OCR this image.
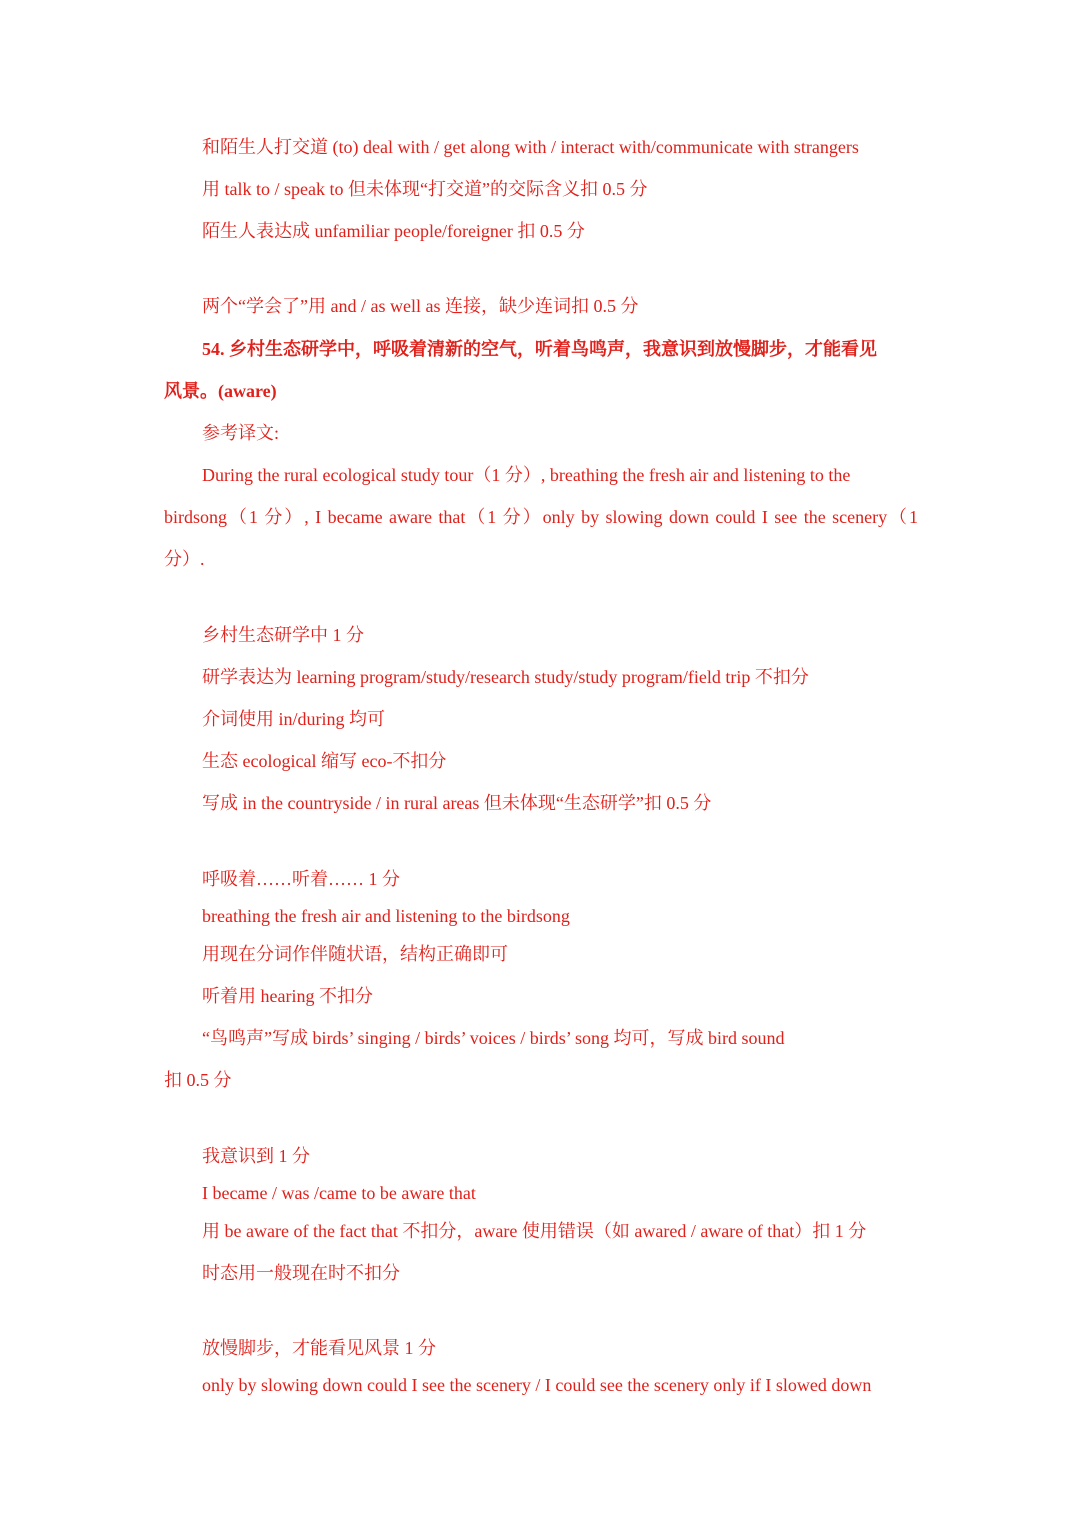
和陌生人打交道 (to) deal with / get along with / interact with/communicate with strangers
用 talk to / speak to 但未体现“打交道”的交际含义扣 0.5 分
陌生人表达成 unfamiliar people/foreigner 扣 0.5 分
两个“学会了”用 and / as well as 连接，缺少连词扣 0.5 分
54. 乡村生态研学中，呼吸着清新的空气，听着鸟鸣声，我意识到放慢脚步，才能看见
风景。(aware)
参考译文:
During the rural ecological study tour（1 分）, breathing the fresh air and listening to the
birdsong（1 分）, I became aware that（1 分）only by slowing down could I see the scenery（1
分）.
乡村生态研学中 1 分
研学表达为 learning program/study/research study/study program/field trip 不扣分
介词使用 in/during 均可
生态 ecological 缩写 eco-不扣分
写成 in the countryside / in rural areas 但未体现“生态研学”扣 0.5 分
呼吸着……听着…… 1 分
breathing the fresh air and listening to the birdsong
用现在分词作伴随状语，结构正确即可
听着用 hearing 不扣分
“鸟鸣声”写成 birds’ singing / birds’ voices / birds’ song 均可，写成 bird sound
扣 0.5 分
我意识到 1 分
I became / was /came to be aware that
用 be aware of the fact that 不扣分，aware 使用错误（如 awared / aware of that）扣 1 分
时态用一般现在时不扣分
放慢脚步，才能看见风景 1 分
only by slowing down could I see the scenery / I could see the scenery only if I slowed down
